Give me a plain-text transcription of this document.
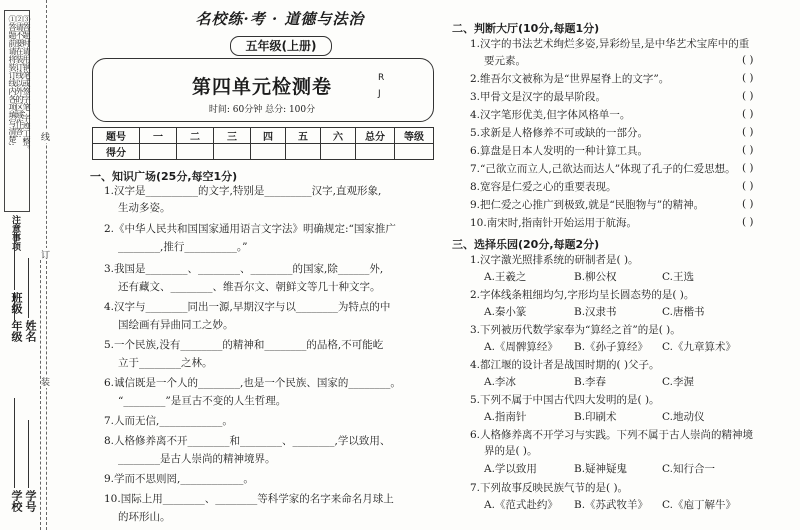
①答题前请将装订线内各项填写清楚;
②请不要在装订线以外的区域作答;
③答题时请用钢笔或签字笔,字迹工整。
注意事项
线
订
装
年级
班级
姓名
学校 学号
名校练·考 · 道德与法治
五年级(上册)
第四单元检测卷
时间: 60分钟 总分: 100分
R
J
题号	一	二	三	四	五	六	总分	等级
得分								
一、知识广场(25分,每空1分)
1.汉字是__________的文字,特别是_________汉字,直观形象,
生动多姿。
2.《中华人民共和国国家通用语言文字法》明确规定:“国家推广
________,推行__________。”
3.我国是________、________、________的国家,除______外,
还有藏文、________、维吾尔文、朝鲜文等几十种文字。
4.汉字与________同出一源,早期汉字与以________为特点的中
国绘画有异曲同工之妙。
5.一个民族,没有________的精神和________的品格,不可能屹
立于________之林。
6.诚信既是一个人的________,也是一个民族、国家的________。
“________”是亘古不变的人生哲理。
7.人而无信,____________。
8.人格修养离不开________和________、________,学以致用、
________是古人崇尚的精神境界。
9.学而不思则罔,____________。
10.国际上用________、________等科学家的名字来命名月球上
的环形山。
二、判断大厅(10分,每题1分)
1.汉字的书法艺术绚烂多姿,异彩纷呈,是中华艺术宝库中的重
要元素。	( )
2.维吾尔文被称为是“世界屋脊上的文字”。	( )
3.甲骨文是汉字的最早阶段。	( )
4.汉字笔形优美,但字体风格单一。	( )
5.求新是人格修养不可或缺的一部分。	( )
6.算盘是日本人发明的一种计算工具。	( )
7.“己欲立而立人,己欲达而达人”体现了孔子的仁爱思想。 ( )
8.宽容是仁爱之心的重要表现。	( )
9.把仁爱之心推广到极致,就是“民胞物与”的精神。	( )
10.南宋时,指南针开始运用于航海。	( )
三、选择乐园(20分,每题2分)
1.汉字激光照排系统的研制者是( )。
A.王羲之	B.柳公权	C.王选
2.字体线条粗细均匀,字形均呈长圆态势的是( )。
A.秦小篆	B.汉隶书	C.唐楷书
3.下列被历代数学家奉为“算经之首”的是( )。
A.《周髀算经》 B.《孙子算经》 C.《九章算术》
4.都江堰的设计者是战国时期的( )父子。
A.李冰	B.李春	C.李渥
5.下列不属于中国古代四大发明的是( )。
A.指南针	B.印刷术	C.地动仪
6.人格修养离不开学习与实践。下列不属于古人崇尚的精神境
界的是( )。
A.学以致用	B.疑神疑鬼	C.知行合一
7.下列故事反映民族气节的是( )。
A.《范式赴约》 B.《苏武牧羊》 C.《庖丁解牛》
